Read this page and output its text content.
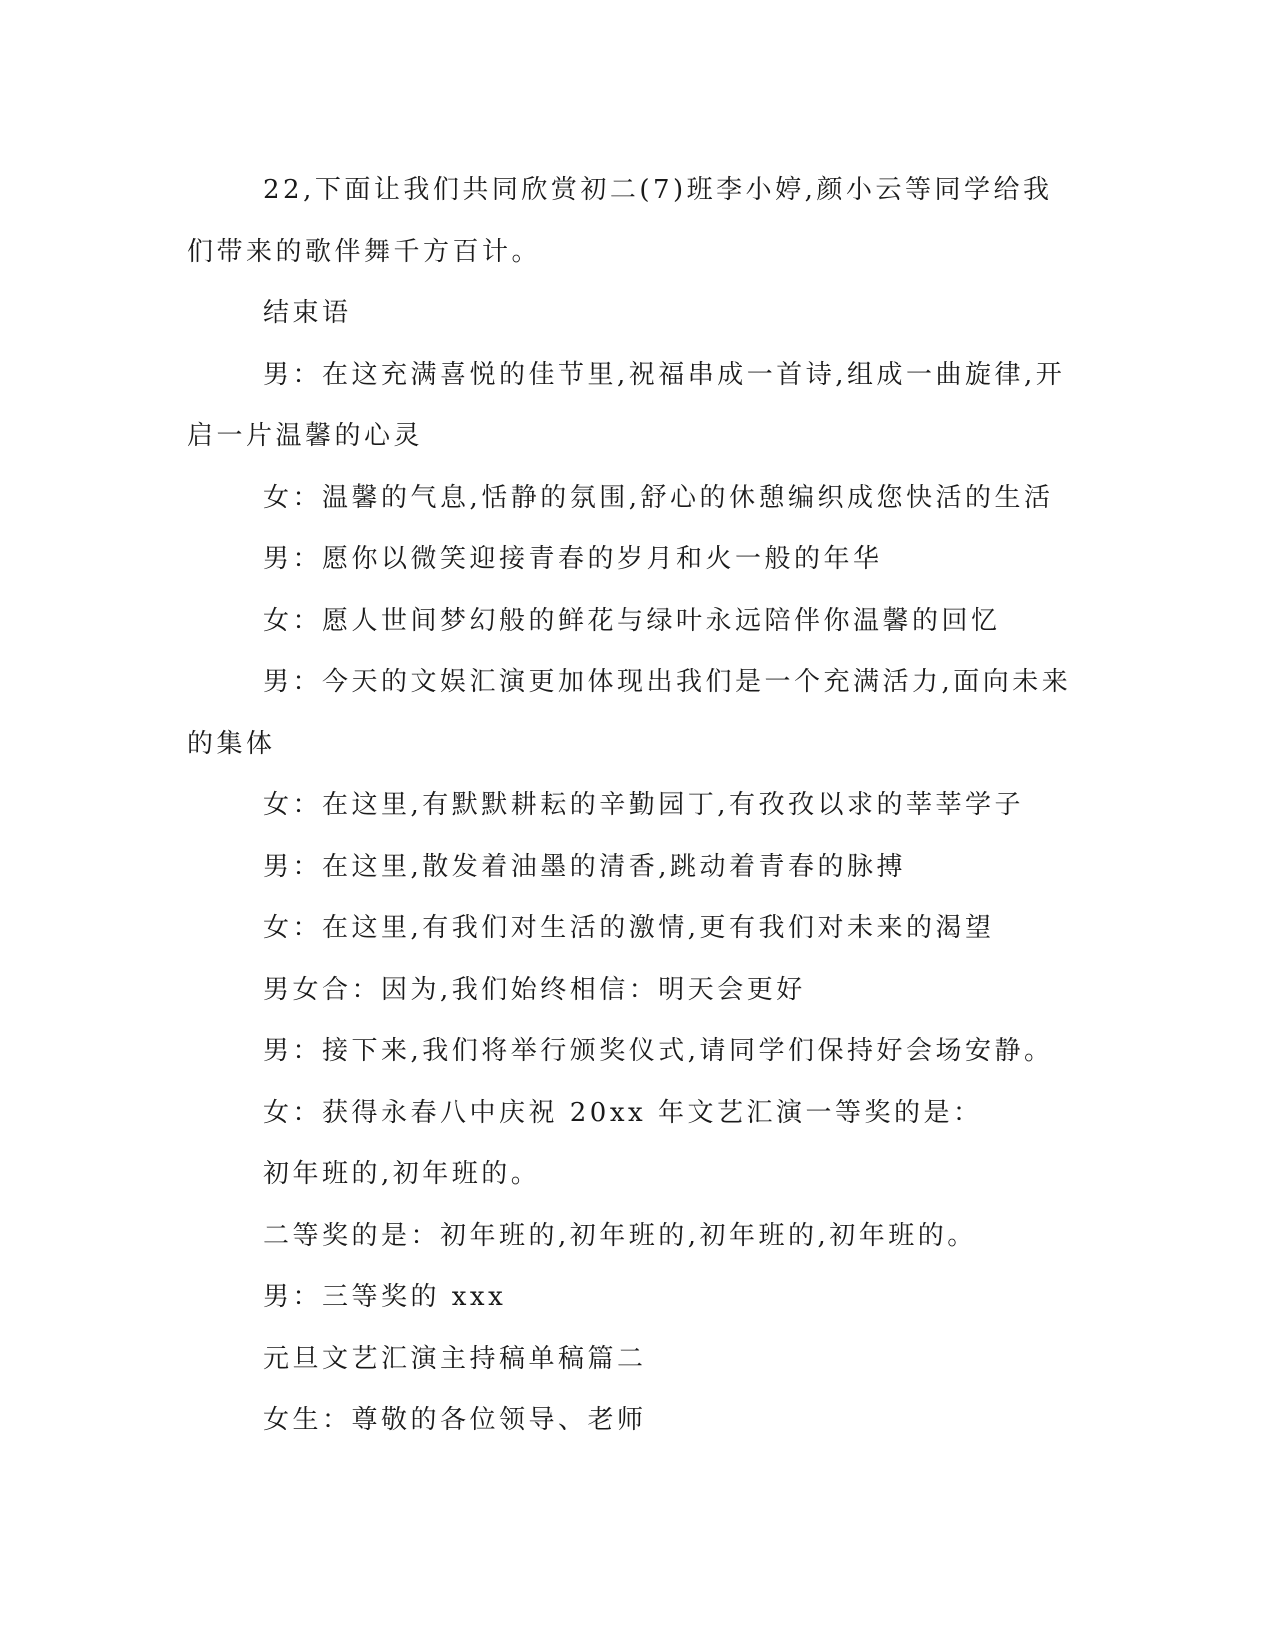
22,下面让我们共同欣赏初二(7)班李小婷,颜小云等同学给我们带来的歌伴舞千方百计。

结束语

男：在这充满喜悦的佳节里,祝福串成一首诗,组成一曲旋律,开启一片温馨的心灵

女：温馨的气息,恬静的氛围,舒心的休憩编织成您快活的生活

男：愿你以微笑迎接青春的岁月和火一般的年华

女：愿人世间梦幻般的鲜花与绿叶永远陪伴你温馨的回忆

男：今天的文娱汇演更加体现出我们是一个充满活力,面向未来的集体

女：在这里,有默默耕耘的辛勤园丁,有孜孜以求的莘莘学子

男：在这里,散发着油墨的清香,跳动着青春的脉搏

女：在这里,有我们对生活的激情,更有我们对未来的渴望

男女合：因为,我们始终相信：明天会更好

男：接下来,我们将举行颁奖仪式,请同学们保持好会场安静。

女：获得永春八中庆祝 20xx 年文艺汇演一等奖的是：

初年班的,初年班的。

二等奖的是：初年班的,初年班的,初年班的,初年班的。

男：三等奖的 xxx

元旦文艺汇演主持稿单稿篇二

女生：尊敬的各位领导、老师
